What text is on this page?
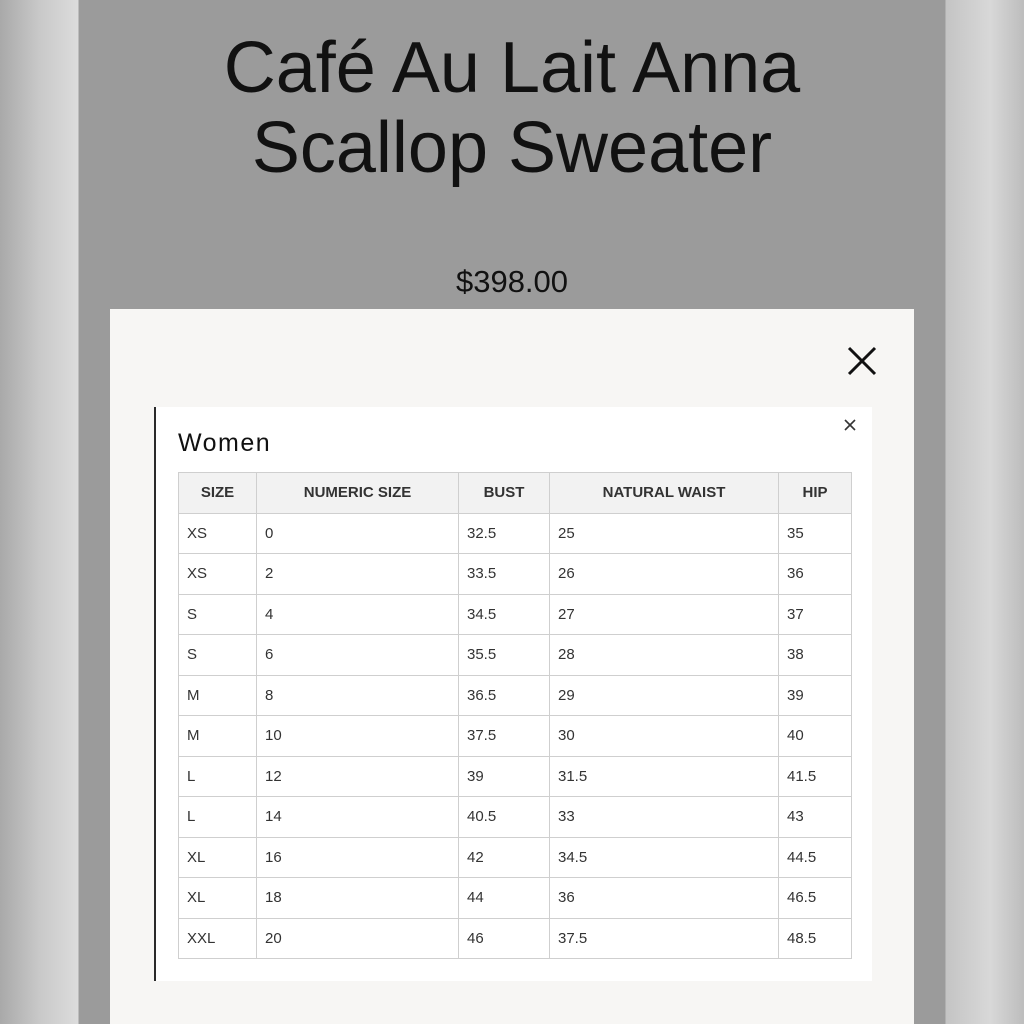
Café Au Lait Anna
Scallop Sweater
$398.00
Women
SIZE	NUMERIC SIZE	BUST	NATURAL WAIST	HIP
XS	0	32.5	25	35
XS	2	33.5	26	36
S	4	34.5	27	37
S	6	35.5	28	38
M	8	36.5	29	39
M	10	37.5	30	40
L	12	39	31.5	41.5
L	14	40.5	33	43
XL	16	42	34.5	44.5
XL	18	44	36	46.5
XXL	20	46	37.5	48.5
